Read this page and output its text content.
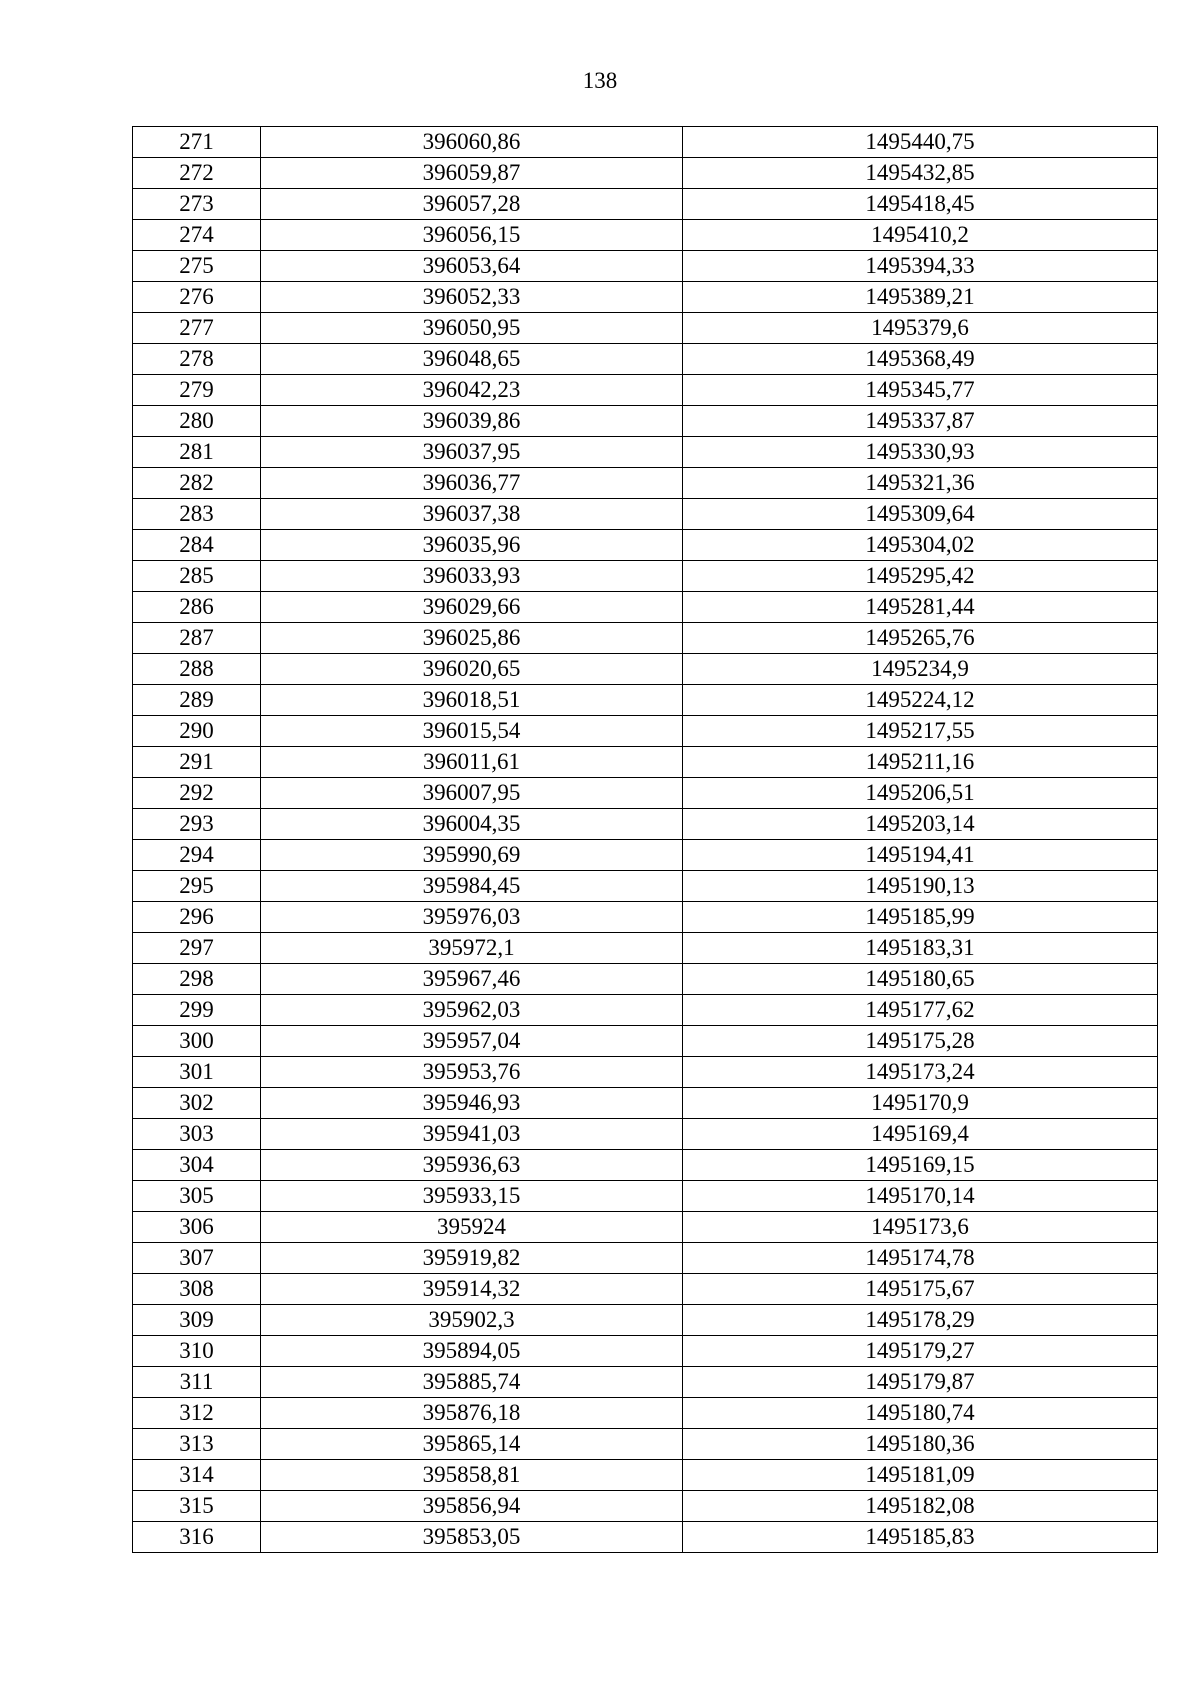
138
271	396060,86	1495440,75
272	396059,87	1495432,85
273	396057,28	1495418,45
274	396056,15	1495410,2
275	396053,64	1495394,33
276	396052,33	1495389,21
277	396050,95	1495379,6
278	396048,65	1495368,49
279	396042,23	1495345,77
280	396039,86	1495337,87
281	396037,95	1495330,93
282	396036,77	1495321,36
283	396037,38	1495309,64
284	396035,96	1495304,02
285	396033,93	1495295,42
286	396029,66	1495281,44
287	396025,86	1495265,76
288	396020,65	1495234,9
289	396018,51	1495224,12
290	396015,54	1495217,55
291	396011,61	1495211,16
292	396007,95	1495206,51
293	396004,35	1495203,14
294	395990,69	1495194,41
295	395984,45	1495190,13
296	395976,03	1495185,99
297	395972,1	1495183,31
298	395967,46	1495180,65
299	395962,03	1495177,62
300	395957,04	1495175,28
301	395953,76	1495173,24
302	395946,93	1495170,9
303	395941,03	1495169,4
304	395936,63	1495169,15
305	395933,15	1495170,14
306	395924	1495173,6
307	395919,82	1495174,78
308	395914,32	1495175,67
309	395902,3	1495178,29
310	395894,05	1495179,27
311	395885,74	1495179,87
312	395876,18	1495180,74
313	395865,14	1495180,36
314	395858,81	1495181,09
315	395856,94	1495182,08
316	395853,05	1495185,83
